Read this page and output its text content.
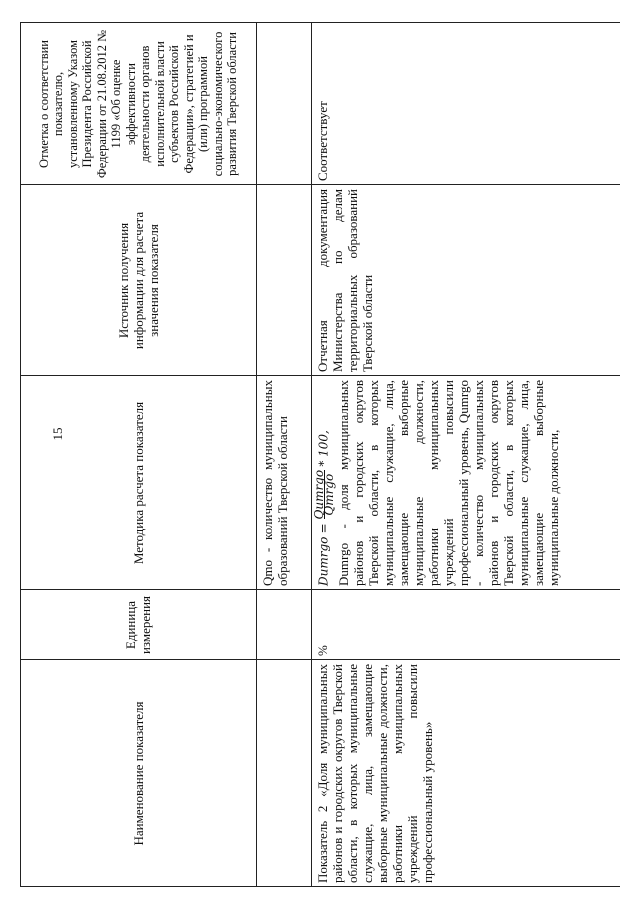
15
Наименование показателя
Единица измерения
Методика расчета показателя
Источник получения информации для расчета значения показателя
Отметка о соответствии показателю, установленному Указом Президента Российской Федерации от 21.08.2012 № 1199 «Об оценке эффективности деятельности органов исполнительной власти субъектов Российской Федерации», стратегией и (или) программой социально-экономического развития Тверской области
Qmo - количество муниципальных образований Тверской области
Показатель 2 «Доля муниципальных районов и городских округов Тверской области, в которых муниципальные служащие, лица, замещающие выборные муниципальные должности, работники муниципальных учреждений повысили профессиональный уровень»
%
Dumrgo =
Qumrgo
Qmrgo
* 100, Dumrgo - доля муниципальных районов и городских округов Тверской области, в которых муниципальные служащие, лица, замещающие выборные муниципальные должности, работники муниципальных учреждений повысили профессиональный уровень, Qumrgo - количество муниципальных районов и городских округов Тверской области, в которых муниципальные служащие, лица, замещающие выборные муниципальные должности,
Отчетная документация Министерства по делам территориальных образований Тверской области
Соответствует
